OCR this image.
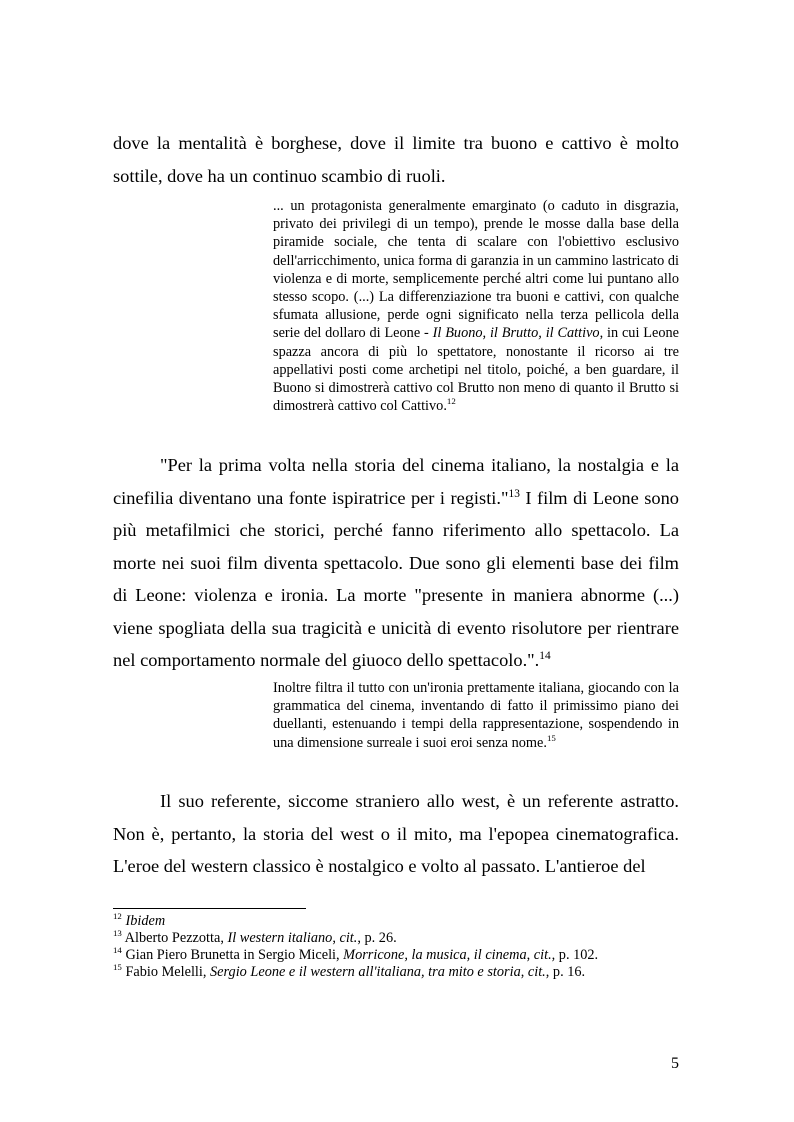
dove la mentalità è borghese, dove il limite tra buono e cattivo è molto sottile, dove ha un continuo scambio di ruoli.

... un protagonista generalmente emarginato (o caduto in disgrazia, privato dei privilegi di un tempo), prende le mosse dalla base della piramide sociale, che tenta di scalare con l'obiettivo esclusivo dell'arricchimento, unica forma di garanzia in un cammino lastricato di violenza e di morte, semplicemente perché altri come lui puntano allo stesso scopo. (...) La differenziazione tra buoni e cattivi, con qualche sfumata allusione, perde ogni significato nella terza pellicola della serie del dollaro di Leone - Il Buono, il Brutto, il Cattivo, in cui Leone spazza ancora di più lo spettatore, nonostante il ricorso ai tre appellativi posti come archetipi nel titolo, poiché, a ben guardare, il Buono si dimostrerà cattivo col Brutto non meno di quanto il Brutto si dimostrerà cattivo col Cattivo.$^{12}$

"Per la prima volta nella storia del cinema italiano, la nostalgia e la cinefilia diventano una fonte ispiratrice per i registi."$^{13}$ I film di Leone sono più metafilmici che storici, perché fanno riferimento allo spettacolo. La morte nei suoi film diventa spettacolo. Due sono gli elementi base dei film di Leone: violenza e ironia. La morte "presente in maniera abnorme (...) viene spogliata della sua tragicità e unicità di evento risolutore per rientrare nel comportamento normale del giuoco dello spettacolo.".$^{14}$

Inoltre filtra il tutto con un'ironia prettamente italiana, giocando con la grammatica del cinema, inventando di fatto il primissimo piano dei duellanti, estenuando i tempi della rappresentazione, sospendendo in una dimensione surreale i suoi eroi senza nome.$^{15}$

Il suo referente, siccome straniero allo west, è un referente astratto. Non è, pertanto, la storia del west o il mito, ma l'epopea cinematografica. L'eroe del western classico è nostalgico e volto al passato. L'antieroe del

$^{12}$ Ibidem
$^{13}$ Alberto Pezzotta, Il western italiano, cit., p. 26.
$^{14}$ Gian Piero Brunetta in Sergio Miceli, Morricone, la musica, il cinema, cit., p. 102.
$^{15}$ Fabio Melelli, Sergio Leone e il western all'italiana, tra mito e storia, cit., p. 16.
5
